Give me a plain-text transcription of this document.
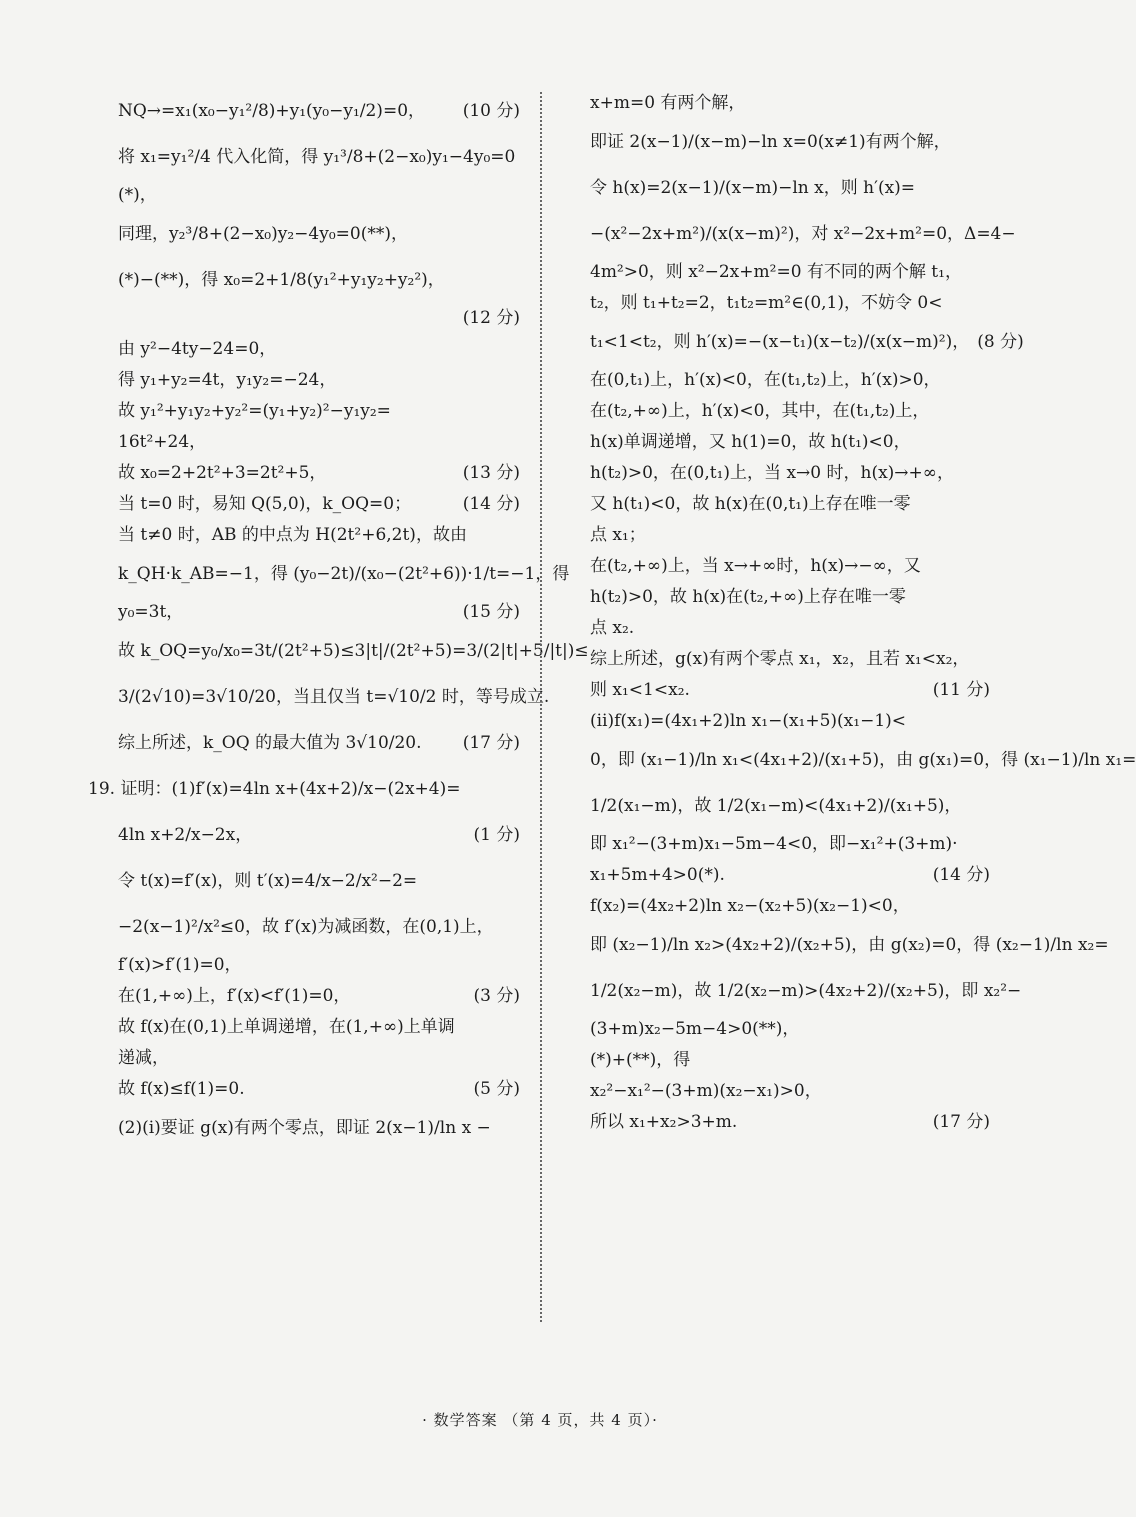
NQ→=x₁(x₀−y₁²/8)+y₁(y₀−y₁/2)=0， (10 分)
将 x₁=y₁²/4 代入化简，得 y₁³/8+(2−x₀)y₁−4y₀=0
(*)，
同理，y₂³/8+(2−x₀)y₂−4y₀=0(**)，
(*)−(**)，得 x₀=2+1/8(y₁²+y₁y₂+y₂²)，
(12 分)
由 y²−4ty−24=0，
得 y₁+y₂=4t，y₁y₂=−24，
故 y₁²+y₁y₂+y₂²=(y₁+y₂)²−y₁y₂=
16t²+24，
故 x₀=2+2t²+3=2t²+5，	(13 分)
当 t=0 时，易知 Q(5,0)，k_OQ=0；	(14 分)
当 t≠0 时，AB 的中点为 H(2t²+6,2t)，故由
k_QH·k_AB=−1，得 (y₀−2t)/(x₀−(2t²+6))·1/t=−1，得
y₀=3t，	(15 分)
故 k_OQ=y₀/x₀=3t/(2t²+5)≤3|t|/(2t²+5)=3/(2|t|+5/|t|)≤
3/(2√10)=3√10/20，当且仅当 t=√10/2 时，等号成立.
综上所述，k_OQ 的最大值为 3√10/20. (17 分)
19. 证明：(1)f′(x)=4ln x+(4x+2)/x−(2x+4)=
4ln x+2/x−2x，	(1 分)
令 t(x)=f′(x)，则 t′(x)=4/x−2/x²−2=
−2(x−1)²/x²≤0，故 f′(x)为减函数，在(0,1)上，
f′(x)>f′(1)=0，
在(1,+∞)上，f′(x)<f′(1)=0，	(3 分)
故 f(x)在(0,1)上单调递增，在(1,+∞)上单调
递减，
故 f(x)≤f(1)=0.	(5 分)
(2)(ⅰ)要证 g(x)有两个零点，即证 2(x−1)/ln x −
x+m=0 有两个解，
即证 2(x−1)/(x−m)−ln x=0(x≠1)有两个解，
令 h(x)=2(x−1)/(x−m)−ln x，则 h′(x)=
−(x²−2x+m²)/(x(x−m)²)，对 x²−2x+m²=0，Δ=4−
4m²>0，则 x²−2x+m²=0 有不同的两个解 t₁，
t₂，则 t₁+t₂=2，t₁t₂=m²∈(0,1)，不妨令 0<
t₁<1<t₂，则 h′(x)=−(x−t₁)(x−t₂)/(x(x−m)²)， (8 分)
在(0,t₁)上，h′(x)<0，在(t₁,t₂)上，h′(x)>0，
在(t₂,+∞)上，h′(x)<0，其中，在(t₁,t₂)上，
h(x)单调递增，又 h(1)=0，故 h(t₁)<0，
h(t₂)>0，在(0,t₁)上，当 x→0 时，h(x)→+∞，
又 h(t₁)<0，故 h(x)在(0,t₁)上存在唯一零
点 x₁；
在(t₂,+∞)上，当 x→+∞时，h(x)→−∞，又
h(t₂)>0，故 h(x)在(t₂,+∞)上存在唯一零
点 x₂.
综上所述，g(x)有两个零点 x₁，x₂，且若 x₁<x₂，
则 x₁<1<x₂.	(11 分)
(ⅱ)f(x₁)=(4x₁+2)ln x₁−(x₁+5)(x₁−1)<
0，即 (x₁−1)/ln x₁<(4x₁+2)/(x₁+5)，由 g(x₁)=0，得 (x₁−1)/ln x₁=
1/2(x₁−m)，故 1/2(x₁−m)<(4x₁+2)/(x₁+5)，
即 x₁²−(3+m)x₁−5m−4<0，即−x₁²+(3+m)·
x₁+5m+4>0(*).	(14 分)
f(x₂)=(4x₂+2)ln x₂−(x₂+5)(x₂−1)<0，
即 (x₂−1)/ln x₂>(4x₂+2)/(x₂+5)，由 g(x₂)=0，得 (x₂−1)/ln x₂=
1/2(x₂−m)，故 1/2(x₂−m)>(4x₂+2)/(x₂+5)，即 x₂²−
(3+m)x₂−5m−4>0(**)，
(*)+(**)，得
x₂²−x₁²−(3+m)(x₂−x₁)>0，
所以 x₁+x₂>3+m.	(17 分)
· 数学答案 （第 4 页，共 4 页）·
